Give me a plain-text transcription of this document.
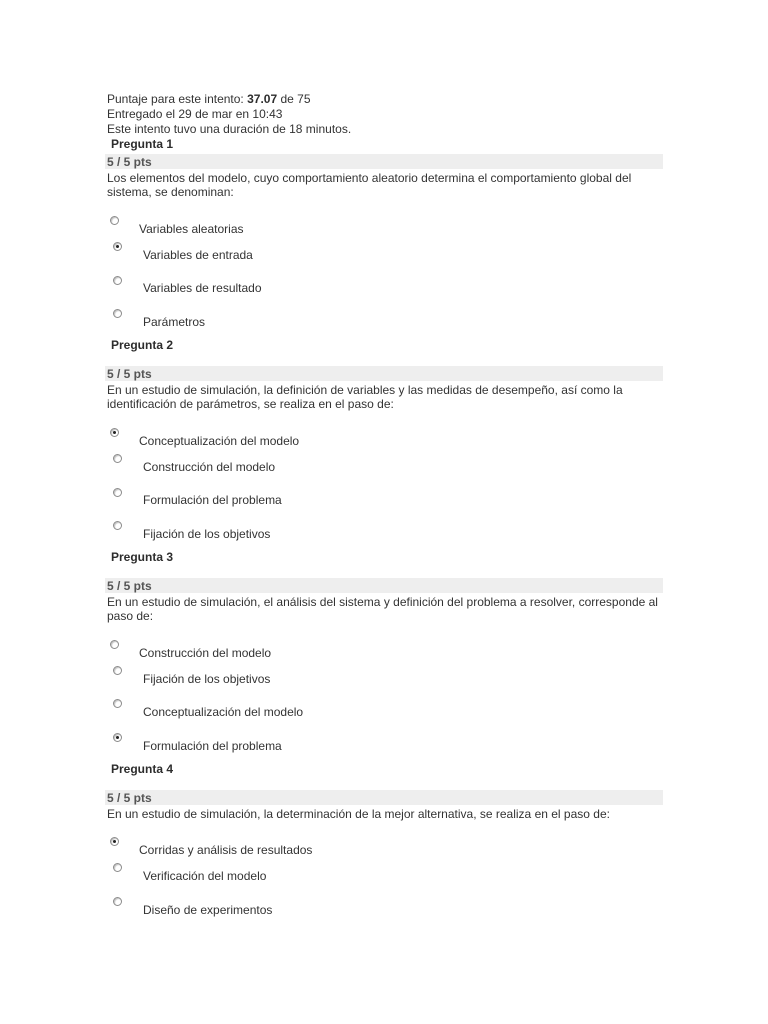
Puntaje para este intento: 37.07 de 75
Entregado el 29 de mar en 10:43
Este intento tuvo una duración de 18 minutos.
Pregunta 1
5 / 5 pts
Los elementos del modelo, cuyo comportamiento aleatorio determina el comportamiento global del sistema, se denominan:
Variables aleatorias
Variables de entrada
Variables de resultado
Parámetros
Pregunta 2
5 / 5 pts
En un estudio de simulación, la definición de variables y las medidas de desempeño, así como la identificación de parámetros, se realiza en el paso de:
Conceptualización del modelo
Construcción del modelo
Formulación del problema
Fijación de los objetivos
Pregunta 3
5 / 5 pts
En un estudio de simulación, el análisis del sistema y definición del problema a resolver, corresponde al paso de:
Construcción del modelo
Fijación de los objetivos
Conceptualización del modelo
Formulación del problema
Pregunta 4
5 / 5 pts
En un estudio de simulación, la determinación de la mejor alternativa, se realiza en el paso de:
Corridas y análisis de resultados
Verificación del modelo
Diseño de experimentos
